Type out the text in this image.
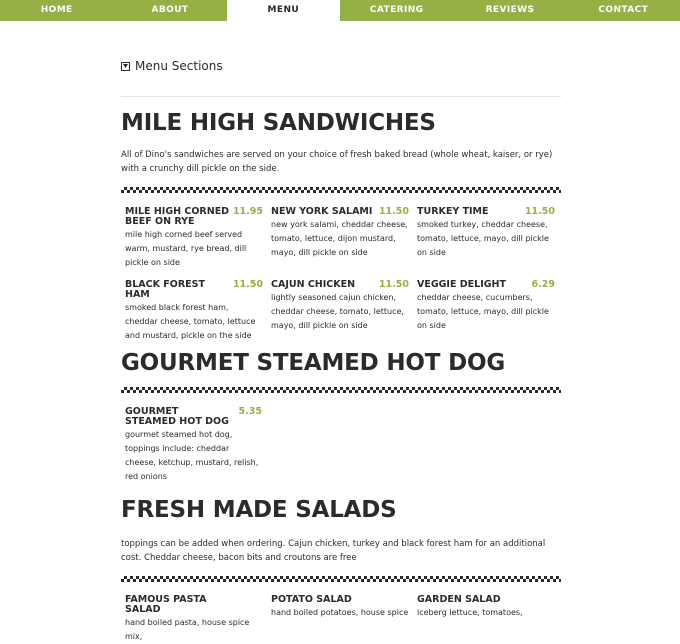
HOME	ABOUT	MENU	CATERING	REVIEWS	CONTACT
Menu Sections
MILE HIGH SANDWICHES

All of Dino's sandwiches are served on your choice of fresh baked bread (whole wheat, kaiser, or rye) with a crunchy dill pickle on the side.

MILE HIGH CORNED BEEF ON RYE
11.95
mile high corned beef served warm, mustard, rye bread, dill pickle on side
NEW YORK SALAMI 11.50
new york salami, cheddar cheese, tomato, lettuce, dijon mustard, mayo, dill pickle on side
TURKEY TIME	11.50
smoked turkey, cheddar cheese, tomato, lettuce, mayo, dill pickle on side
BLACK FOREST HAM
11.50
smoked black forest ham, cheddar cheese, tomato, lettuce and mustard, pickle on the side
CAJUN CHICKEN	11.50
lightly seasoned cajun chicken, cheddar cheese, tomato, lettuce, mayo, dill pickle on side
VEGGIE DELIGHT	6.29
cheddar cheese, cucumbers, tomato, lettuce, mayo, dill pickle on side
GOURMET STEAMED HOT DOG
GOURMET STEAMED HOT DOG
5.35
gourmet steamed hot dog, toppings include: cheddar cheese, ketchup, mustard, relish, red onions
FRESH MADE SALADS

toppings can be added when ordering. Cajun chicken, turkey and black forest ham for an additional cost. Cheddar cheese, bacon bits and croutons are free

FAMOUS PASTA SALAD
hand boiled pasta, house spice mix,
POTATO SALAD
hand boiled potatoes, house spice
GARDEN SALAD
iceberg lettuce, tomatoes,
